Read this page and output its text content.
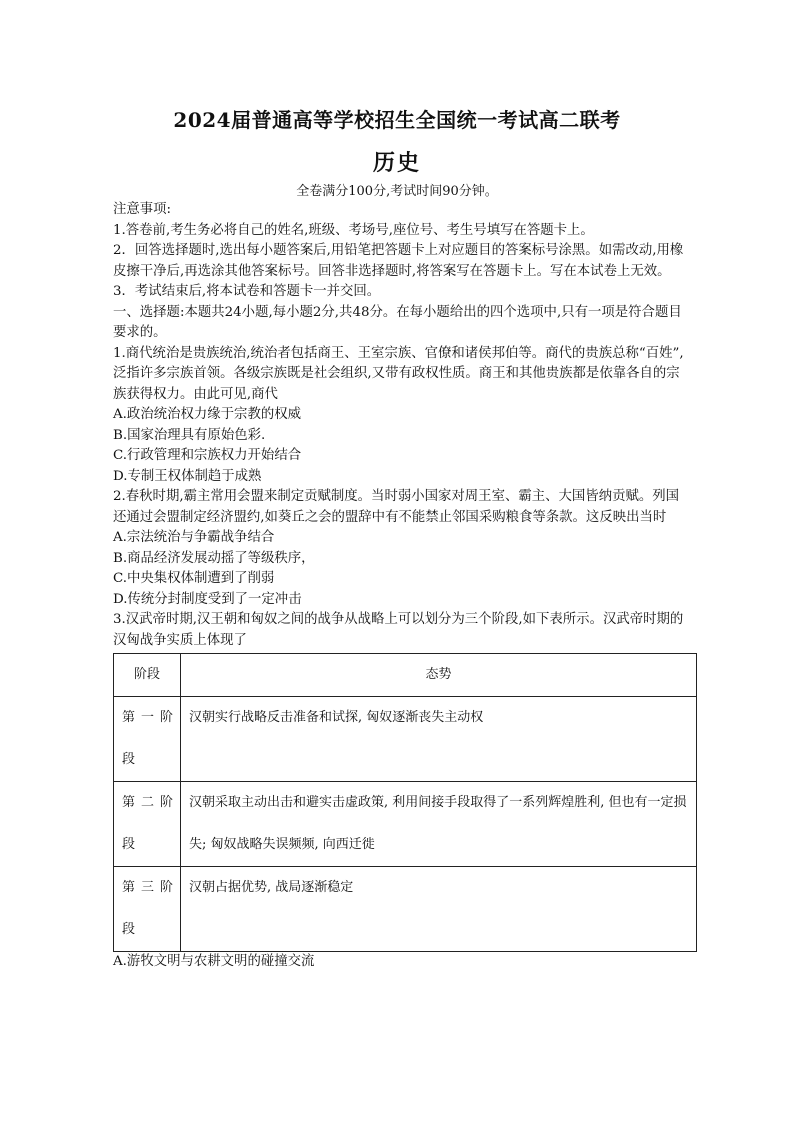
2024届普通高等学校招生全国统一考试高二联考
历史
全卷满分100分,考试时间90分钟。

注意事项:

1.答卷前,考生务必将自己的姓名,班级、考场号,座位号、考生号填写在答题卡上。

2．回答选择题时,选出每小题答案后,用铅笔把答题卡上对应题目的答案标号涂黑。如需改动,用橡皮擦干净后,再选涂其他答案标号。回答非选择题时,将答案写在答题卡上。写在本试卷上无效。

3．考试结束后,将本试卷和答题卡一并交回。

一、选择题:本题共24小题,每小题2分,共48分。在每小题给出的四个选项中,只有一项是符合题目要求的。

1.商代统治是贵族统治,统治者包括商王、王室宗族、官僚和诸侯邦伯等。商代的贵族总称“百姓”,泛指许多宗族首领。各级宗族既是社会组织,又带有政权性质。商王和其他贵族都是依靠各自的宗族获得权力。由此可见,商代

A.政治统治权力缘于宗教的权威

B.国家治理具有原始色彩.

C.行政管理和宗族权力开始结合

D.专制王权体制趋于成熟

2.春秋时期,霸主常用会盟来制定贡赋制度。当时弱小国家对周王室、霸主、大国皆纳贡赋。列国还通过会盟制定经济盟约,如葵丘之会的盟辞中有不能禁止邻国采购粮食等条款。这反映出当时

A.宗法统治与争霸战争结合

B.商品经济发展动摇了等级秩序，

C.中央集权体制遭到了削弱

D.传统分封制度受到了一定冲击

3.汉武帝时期,汉王朝和匈奴之间的战争从战略上可以划分为三个阶段,如下表所示。汉武帝时期的汉匈战争实质上体现了

阶段	态势
第一阶段	汉朝实行战略反击准备和试探, 匈奴逐渐丧失主动权
第二阶段	汉朝采取主动出击和避实击虚政策, 利用间接手段取得了一系列辉煌胜利, 但也有一定损失; 匈奴战略失误频频, 向西迁徙
第三阶段	汉朝占据优势, 战局逐渐稳定

A.游牧文明与农耕文明的碰撞交流
